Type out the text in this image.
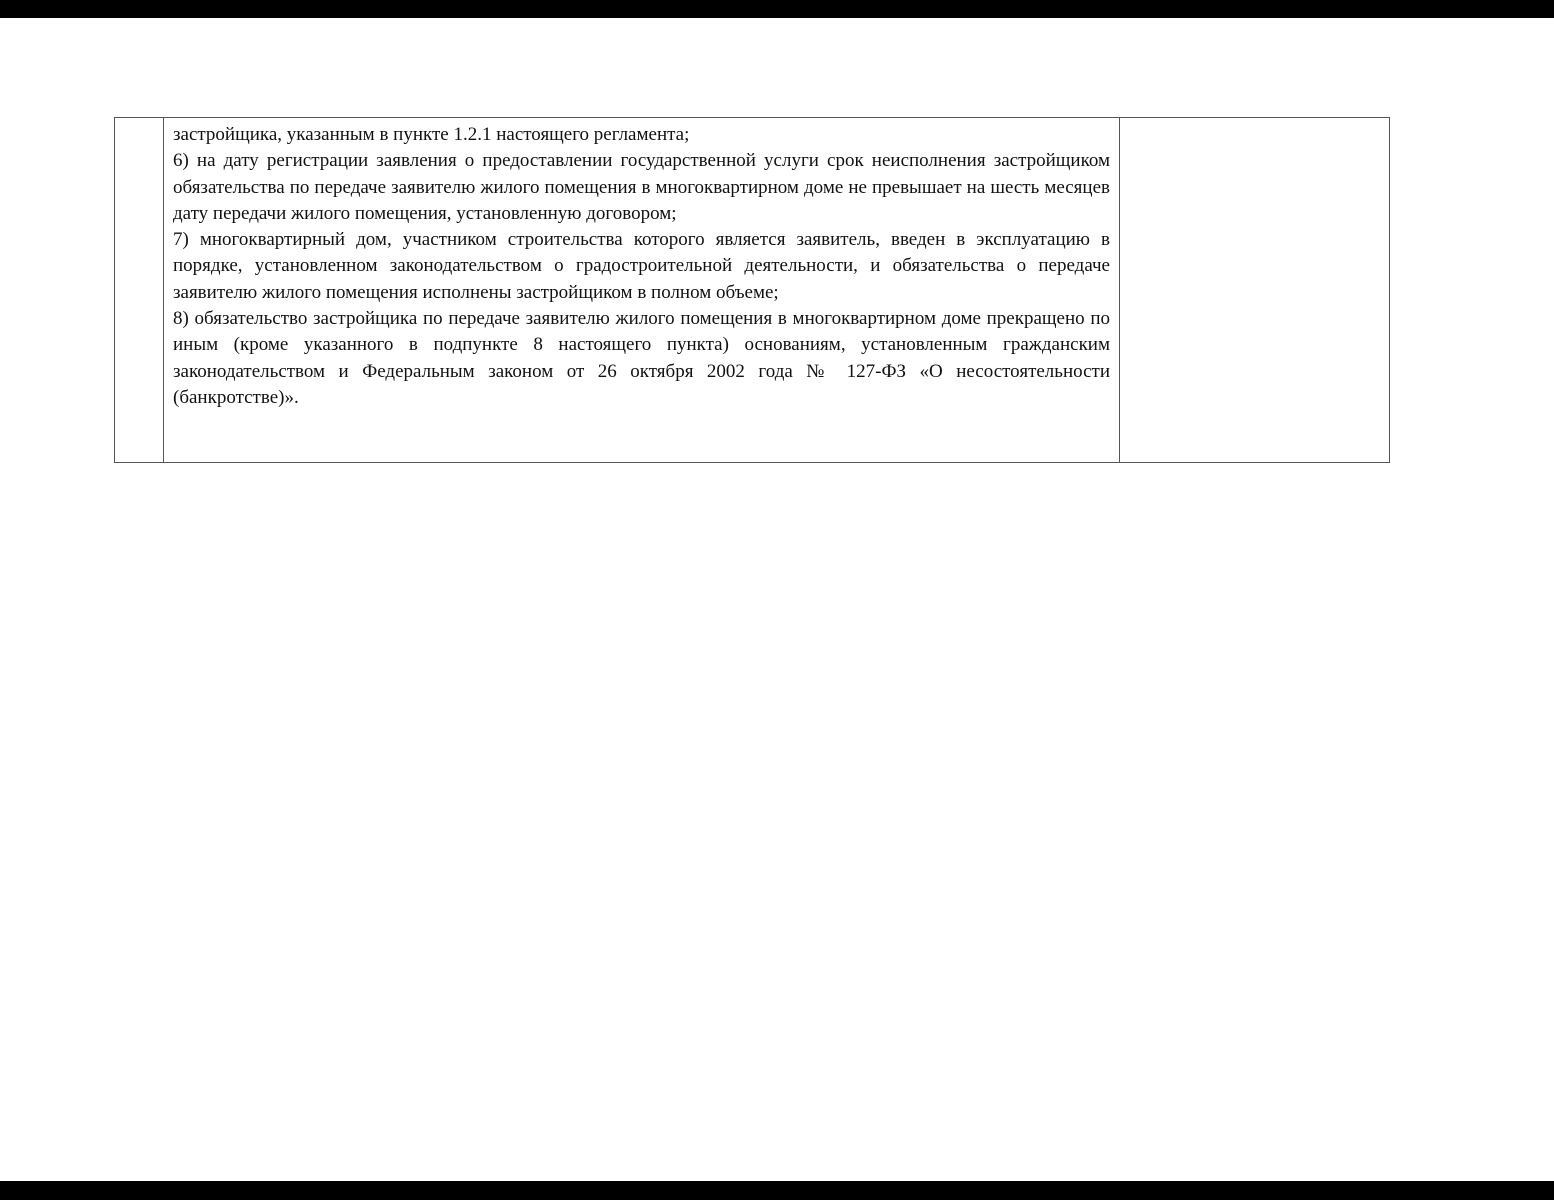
застройщика, указанным в пункте 1.2.1 настоящего регламента;

6) на дату регистрации заявления о предоставлении государственной услуги срок неисполнения застройщиком обязательства по передаче заявителю жилого помещения в многоквартирном доме не превышает на шесть месяцев дату передачи жилого помещения, установленную договором;

7) многоквартирный дом, участником строительства которого является заявитель, введен в эксплуатацию в порядке, установленном законодательством о градостроительной деятельности, и обязательства о передаче заявителю жилого помещения исполнены застройщиком в полном объеме;

8) обязательство застройщика по передаче заявителю жилого помещения в многоквартирном доме прекращено по иным (кроме указанного в подпункте 8 настоящего пункта) основаниям, установленным гражданским законодательством и Федеральным законом от 26 октября 2002 года № 127-ФЗ «О несостоятельности (банкротстве)».
